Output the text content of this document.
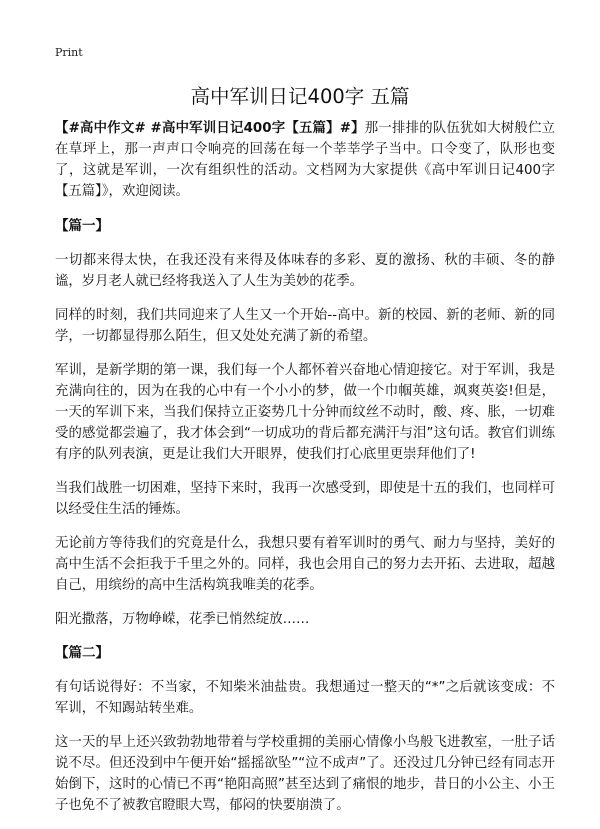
Print
高中军训日记400字 五篇

【#高中作文# #高中军训日记400字【五篇】#】那一排排的队伍犹如大树般伫立在草坪上，那一声声口令响亮的回荡在每一个莘莘学子当中。口令变了，队形也变了，这就是军训，一次有组织性的活动。文档网为大家提供《高中军训日记400字【五篇】》，欢迎阅读。

【篇一】

一切都来得太快，在我还没有来得及体味春的多彩、夏的激扬、秋的丰硕、冬的静谧，岁月老人就已经将我送入了人生为美妙的花季。

同样的时刻，我们共同迎来了人生又一个开始--高中。新的校园、新的老师、新的同学，一切都显得那么陌生，但又处处充满了新的希望。

军训，是新学期的第一课，我们每一个人都怀着兴奋地心情迎接它。对于军训，我是充满向往的，因为在我的心中有一个小小的梦，做一个巾帼英雄，飒爽英姿!但是，一天的军训下来，当我们保持立正姿势几十分钟而纹丝不动时，酸、疼、胀，一切难受的感觉都尝遍了，我才体会到“一切成功的背后都充满汗与泪”这句话。教官们训练有序的队列表演，更是让我们大开眼界，使我们打心底里更崇拜他们了!

当我们战胜一切困难，坚持下来时，我再一次感受到，即使是十五的我们，也同样可以经受住生活的锤炼。

无论前方等待我们的究竟是什么，我想只要有着军训时的勇气、耐力与坚持，美好的高中生活不会拒我于千里之外的。同样，我也会用自己的努力去开拓、去进取，超越自己，用缤纷的高中生活构筑我唯美的花季。

阳光撒落，万物峥嵘，花季已悄然绽放……

【篇二】

有句话说得好：不当家，不知柴米油盐贵。我想通过一整天的“*”之后就该变成：不军训，不知踢站转坐难。

这一天的早上还兴致勃勃地带着与学校重拥的美丽心情像小鸟般飞进教室，一肚子话说不尽。但还没到中午便开始“摇摇欲坠”“泣不成声”了。还没过几分钟已经有同志开始倒下，这时的心情已不再“艳阳高照”甚至达到了痛恨的地步，昔日的小公主、小王子也免不了被教官瞪眼大骂，郁闷的快要崩溃了。
